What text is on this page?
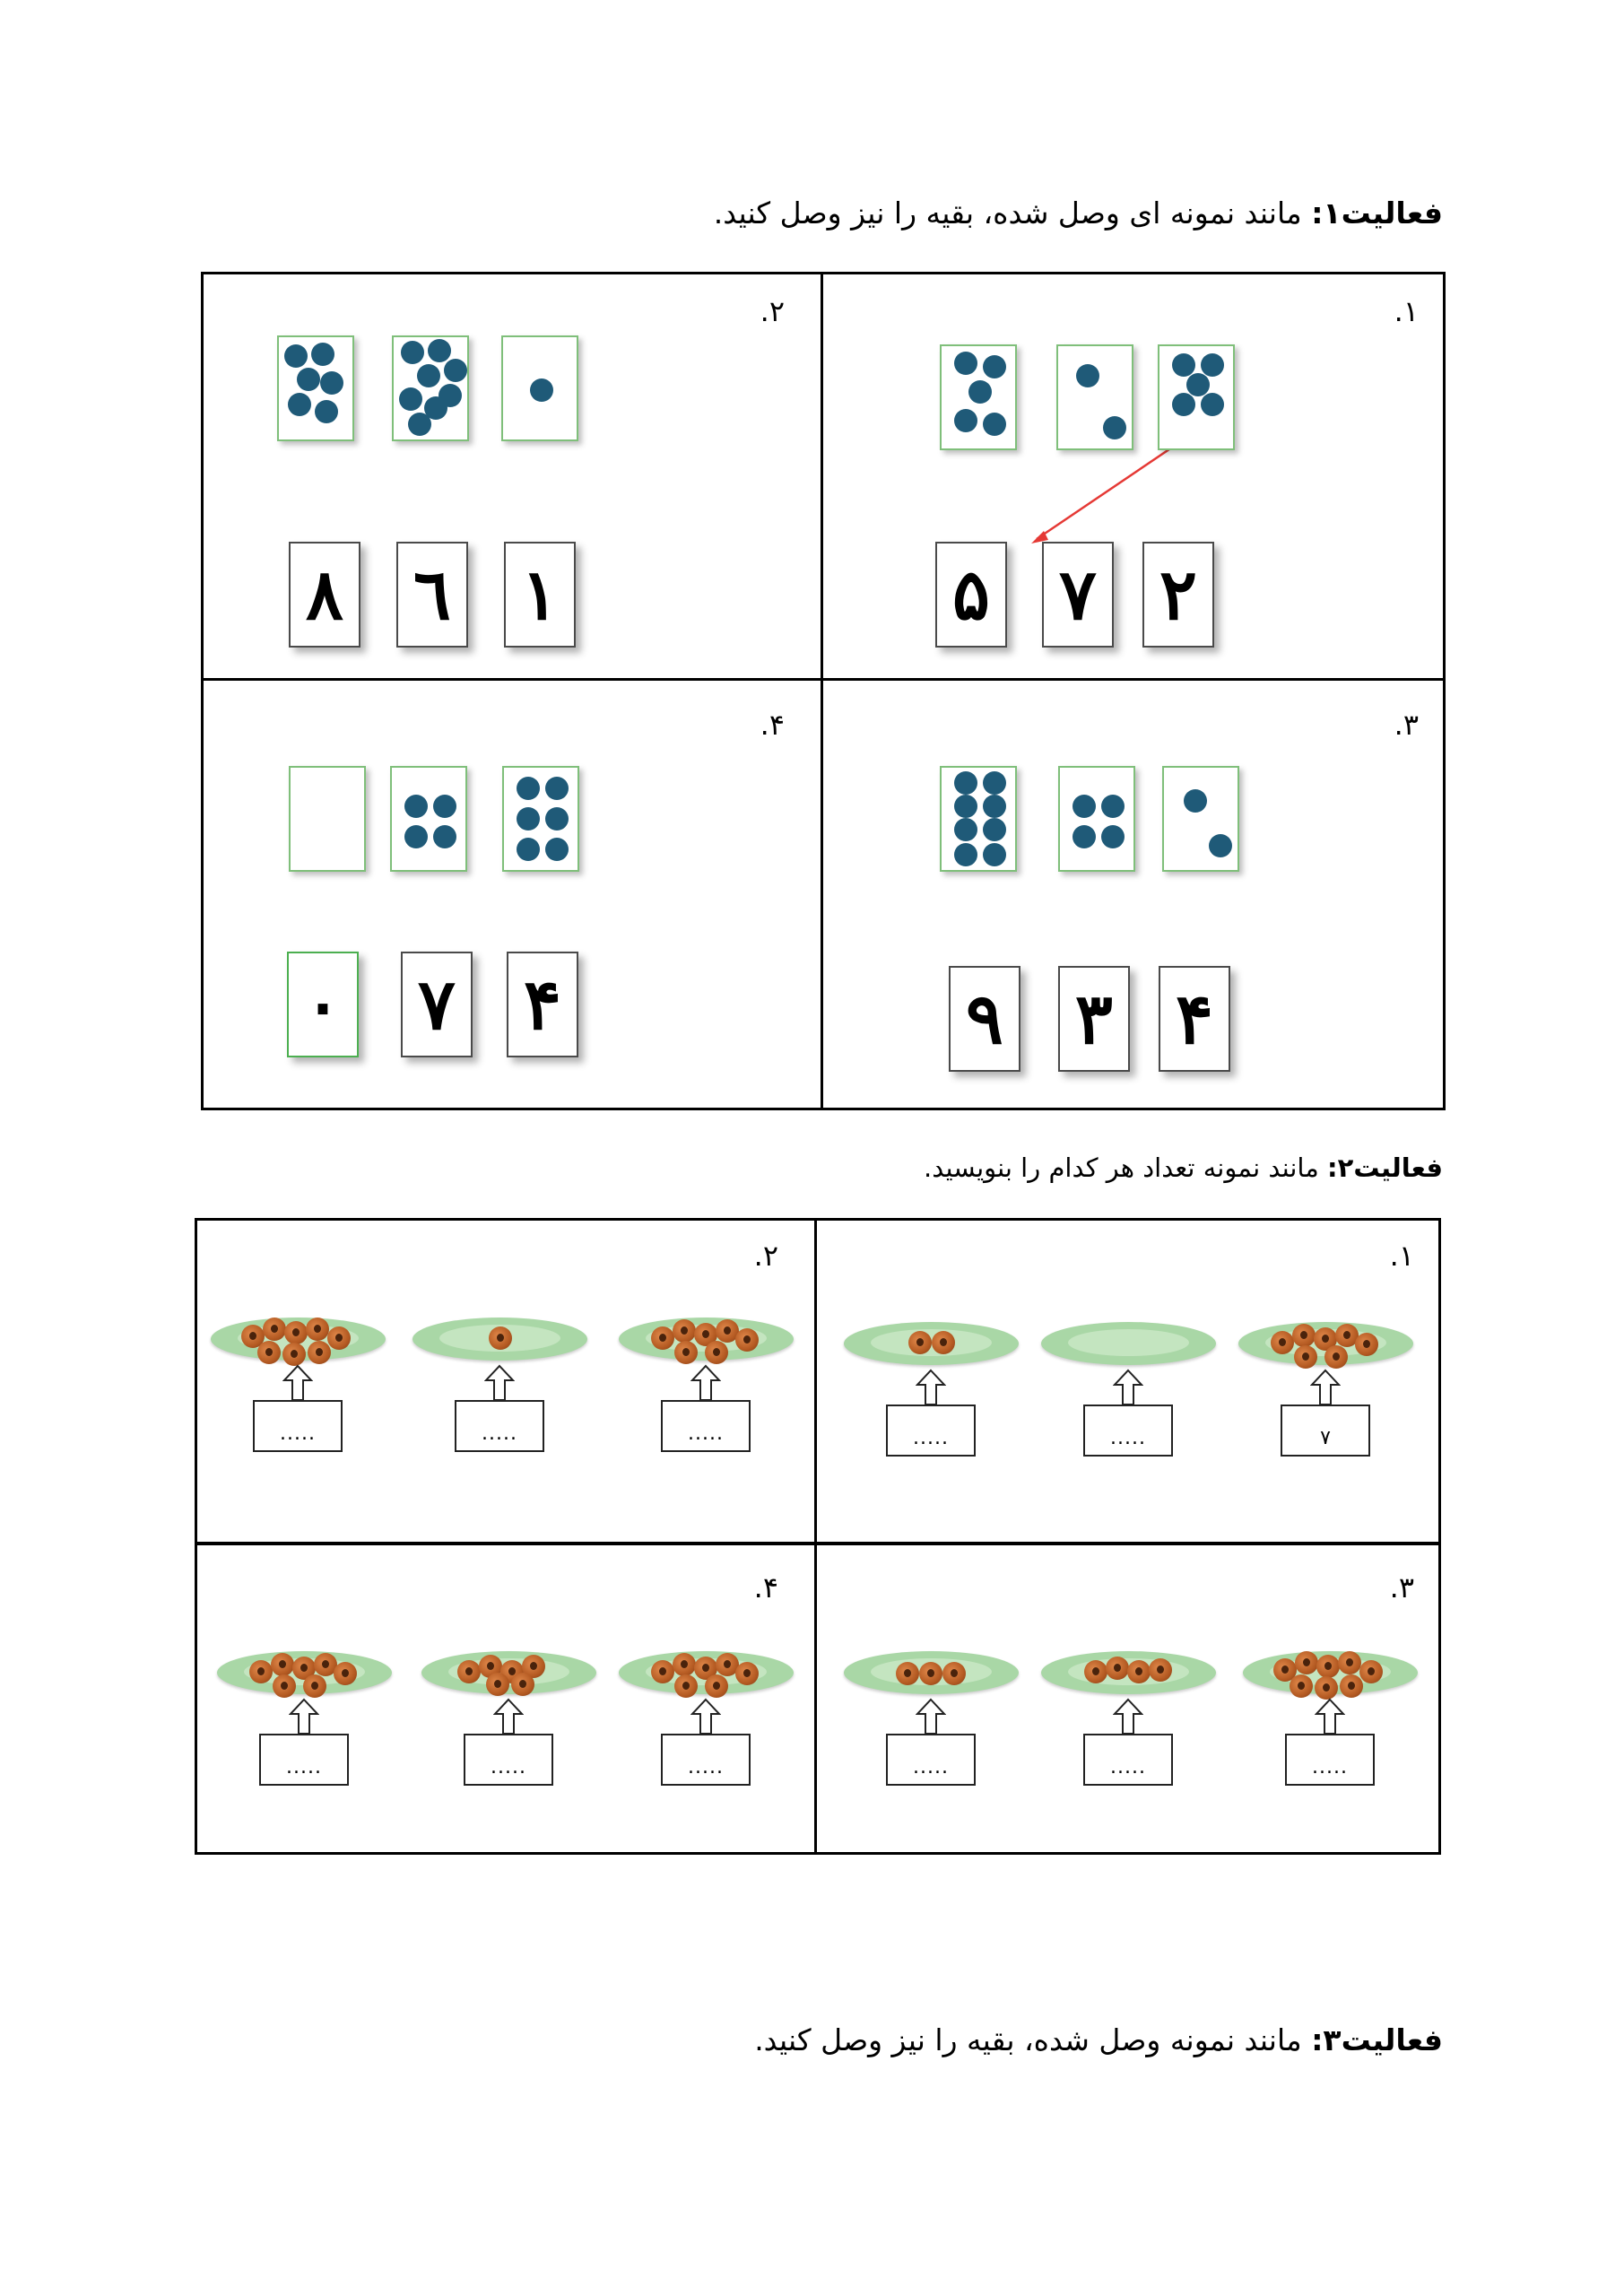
فعالیت۱: مانند نمونه ای وصل شده، بقیه را نیز وصل کنید.
.۱
۵ ۷ ۲
.۲
۸ ٦ ۱
.۳
۹ ۳ ۴
.۴
۰ ۷ ۴
فعالیت۲: مانند نمونه تعداد هر کدام را بنویسید.
.۱
۷
.....
.....
.۲
.....
.....
.....
.۳
.....
.....
.....
.۴
.....
.....
.....
فعالیت۳: مانند نمونه وصل شده، بقیه را نیز وصل کنید.
